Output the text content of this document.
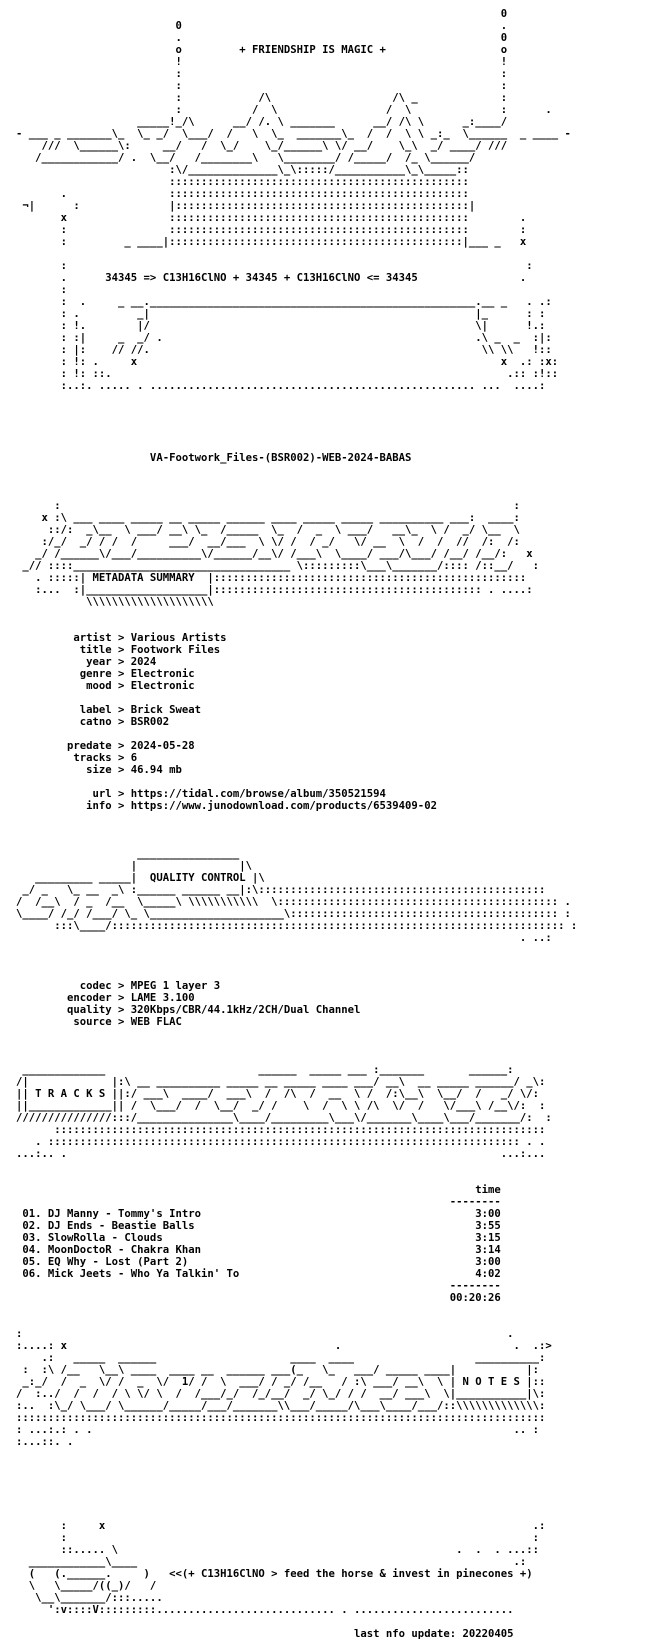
0
0                                                  .
.                                                  0
o         + FRIENDSHIP IS MAGIC +                  o
!                                                  !
:                                                  :
:                                                  :
:            /\                   /\ _             :
:           /  \                 /  \              :      .
_____!_/\      __/ /. \ _______      __/ /\ \      _:____/
- ___ _ _______\_  \_ _/  \___/  /   \  \_  _______\_  /  /  \ \ _:_  \______  _ ____ -
///  \______\:     __/   /  \_/    \_/______\ \/ __/    \_\  _/ ____/ ///
/____________/ .  \__/   /________\   \________/ /_____/  /_ \______/
:\/______________\_\:::::/___________\_\_____::
:::::::::::::::::::::::::::::::::::::::::::::::
.                :::::::::::::::::::::::::::::::::::::::::::::::
¬|      :              |::::::::::::::::::::::::::::::::::::::::::::::|
x                :::::::::::::::::::::::::::::::::::::::::::::::        .
:                :::::::::::::::::::::::::::::::::::::::::::::::        :
:         _ ____|::::::::::::::::::::::::::::::::::::::::::::::|___ _   x
:                                                                        :
.      34345 => C13H16ClNO + 34345 + C13H16ClNO <= 34345                .
:
:  .     _ __.___________________________________________________.__ _   . .:
: .         _|                                                   |_      : :
: !.        |/                                                   \|      !.:
: :|     _  _/ .                                                 .\ _  _  :|:
: |:    // //.                                                    \\ \\   !::
: !: .     x                                                         x  .: :x:
: !: ::.                                                              .:: :!::
:..:. ..... . ................................................... ...  ....:
VA-Footwork_Files-(BSR002)-WEB-2024-BABAS
:                                                                       :
x :\ ___ ____ _____ __ _____ ______ ____ _____ _____ __________ ___:  ____:
::/:  _\__  \ ___/ __\ \_  /_____  \_  /  _  \ ___/   __\_  \ /  _/ \__  \
:/_/  _/ / /  /     ___/  __/___  \ \/ /  / _/   \/ __  \  /  /  //  /:  /:
_/ /______\/___/__________\/______/__\/ /___\  \____/ ___/\___/ /__/ /__/:   x
_// ::::__________________________________ \:::::::::\___\_______/:::: /::__/   :
. :::::| METADATA SUMMARY  |:::::::::::::::::::::::::::::::::::::::::::::::::
:...  :|___________________|:::::::::::::::::::::::::::::::::::::::::: . ....:
\\\\\\\\\\\\\\\\\\\\
artist > Various Artists
title > Footwork Files
year > 2024
genre > Electronic
mood > Electronic
label > Brick Sweat
catno > BSR002
predate > 2024-05-28
tracks > 6
size > 46.94 mb
url > https://tidal.com/browse/album/350521594
info > https://www.junodownload.com/products/6539409-02
________________
|                |\
_________ _____|  QUALITY CONTROL |\
_/ _   \_ __  _\ :______ ______ __|:\:::::::::::::::::::::::::::::::::::::::::::::
/  /__\  / _  /__  \_____\ \\\\\\\\\\\  \:::::::::::::::::::::::::::::::::::::::::::: .
\____/ /_/ /___/ \_ \_____________________\:::::::::::::::::::::::::::::::::::::::::: :
:::\____/::::::::::::::::::::::::::::::::::::::::::::::::::::::::::::::::::::::: :
. ..:
codec > MPEG 1 layer 3
encoder > LAME 3.100
quality > 320Kbps/CBR/44.1kHz/2CH/Dual Channel
source > WEB FLAC
_____________                        ______  _____ ___ :_______       ______:
/|             |:\ __ __________ _____ __ _____ ____ ___/ __\  __ _____ ______/ _\:
|| T R A C K S ||:/ ___\  ____/  ___\  /  /\  /  __  \ /  /:\__\  \__/  /   _/ \/:
||_____________|| /  \___/  /  \__/  _/ /    \  /  \ \ /\  \/  /   \/___\ /__\/:  :
///////////////:::/_______________\____/_________\___\/_______\____\___/_______/:  :
:::::::::::::::::::::::::::::::::::::::::::::::::::::::::::::::::::::::::::::
. :::::::::::::::::::::::::::::::::::::::::::::::::::::::::::::::::::::::::: . .
...:.. .                                                                    ...:...
time
--------
01. DJ Manny - Tommy's Intro                                           3:00
02. DJ Ends - Beastie Balls                                            3:55
03. SlowRolla - Clouds                                                 3:15
04. MoonDoctoR - Chakra Khan                                           3:14
05. EQ Why - Lost (Part 2)                                             3:00
06. Mick Jeets - Who Ya Talkin' To                                     4:02
--------
00:20:26
:                                                                            .
:....: x                                          .                           .  .:>
.:   _____  ______                     ____  ____                   __________:
:  :\ /__   \__\ ____  ____ __  ______ ___(_   \_   ___/ _____ ____|           |:
_:_/  /  _  \/ /  _  \/  1/ /  \  ___/ / _/ /__   / :\ ___/ __\  \ | N O T E S |::
/  :../  /  /  / \ \/ \  /  /___/_/  /_/__/  _/ \_/ / /  __/ ___\  \|___________|\:
:..  :\_/ \___/ \______/_____/___/_______\\___/_____/\___\____/___/::\\\\\\\\\\\\\:
:::::::::::::::::::::::::::::::::::::::::::::::::::::::::::::::::::::::::::::::::::
: ...:.: . .                                                                  .. :
:...::. .
:     x                                                                   .:
:                                                                         :
::..... \                                                     .  .  . ...::
____________\____                                                           .:
(   (.______.     )   <<(+ C13H16ClNO > feed the horse & invest in pinecones +)
\   \_____/((_)/   /
\__\_______/:::.....
':v::::V:::::::::............................ . .........................
last nfo update: 20220405
